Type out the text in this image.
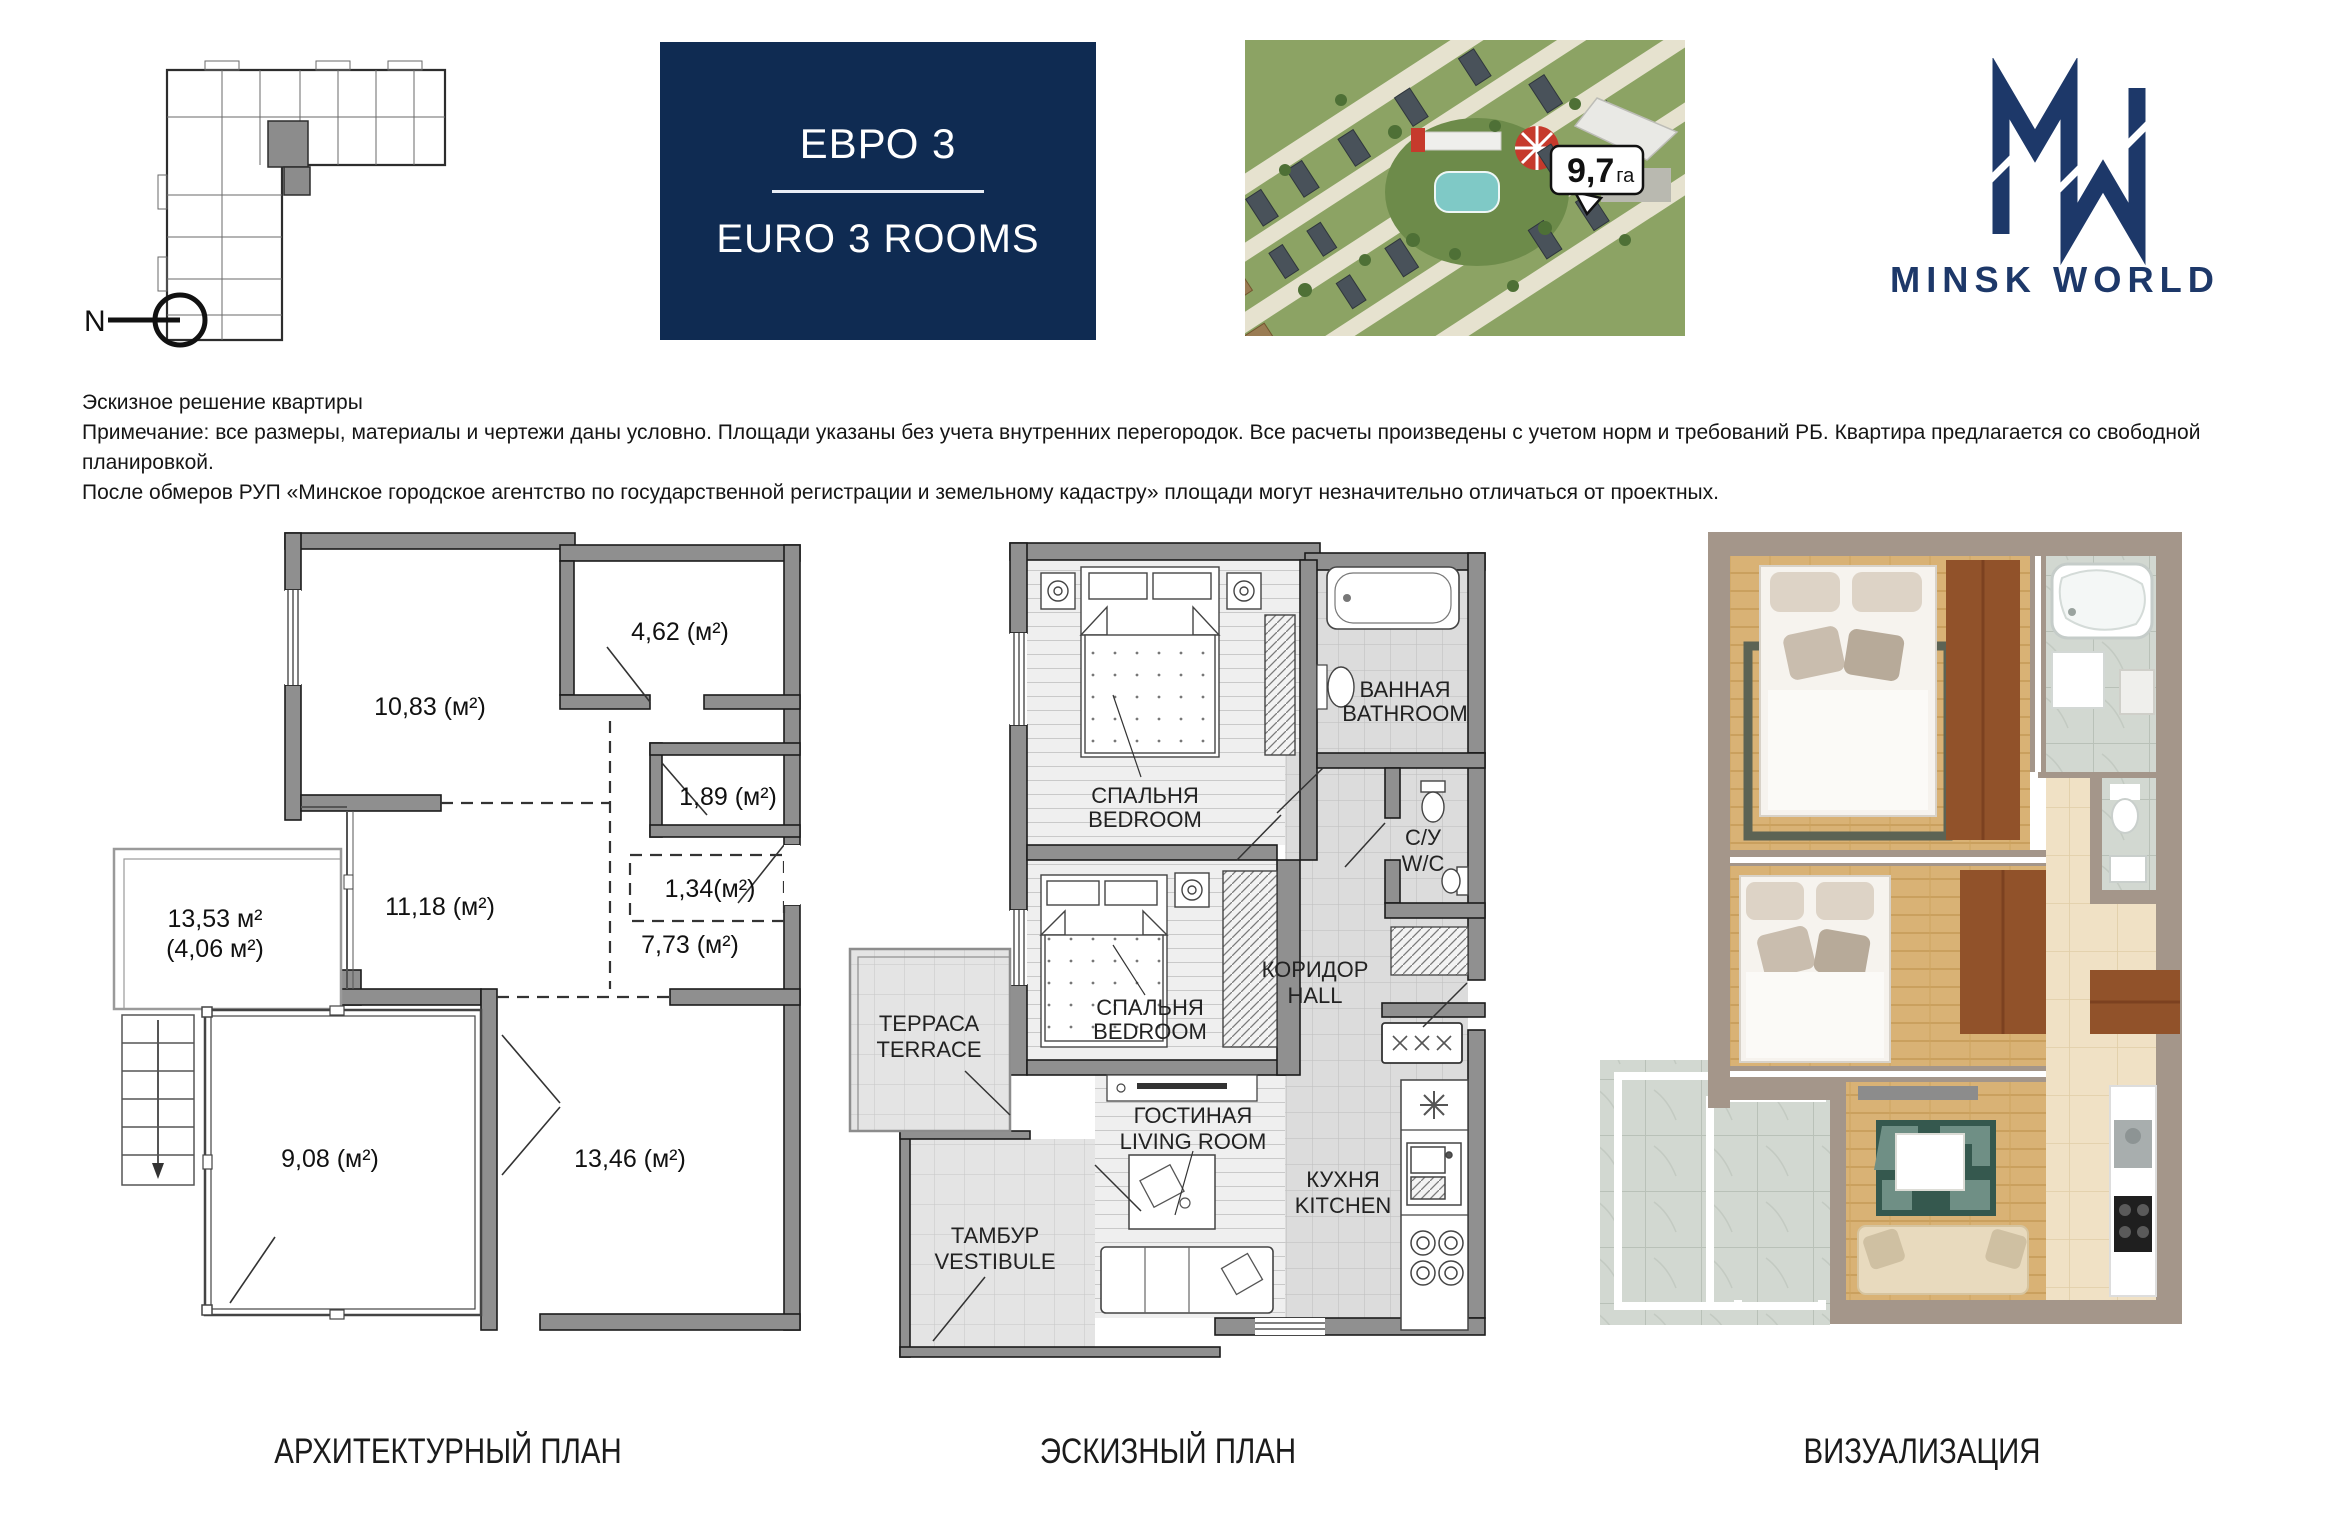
N
ЕВРО 3
EURO 3 ROOMS
9,7 га
MINSK WORLD
Эскизное решение квартиры
Примечание: все размеры, материалы и чертежи даны условно. Площади указаны без учета внутренних перегородок. Все расчеты произведены с учетом норм и требований РБ. Квартира предлагается со свободной планировкой.
После обмеров РУП «Минское городское агентство по государственной регистрации и земельному кадастру» площади могут незначительно отличаться от проектных.
10,83 (м²)
4,62 (м²)
1,89 (м²)
1,34(м²)
11,18 (м²)
7,73 (м²)
13,53 м²
(4,06 м²)
9,08 (м²)	13,46 (м²)
ВАННАЯ
BATHROOM
СПАЛЬНЯ
BEDROOM
С/У
W/C
КОРИДОР
HALL
ТЕРРАСА
TERRACE
СПАЛЬНЯ
BEDROOM
ГОСТИНАЯ
LIVING ROOM
ТАМБУР
VESTIBULE
КУХНЯ
KITCHEN
АРХИТЕКТУРНЫЙ ПЛАН	ЭСКИЗНЫЙ ПЛАН	ВИЗУАЛИЗАЦИЯ
